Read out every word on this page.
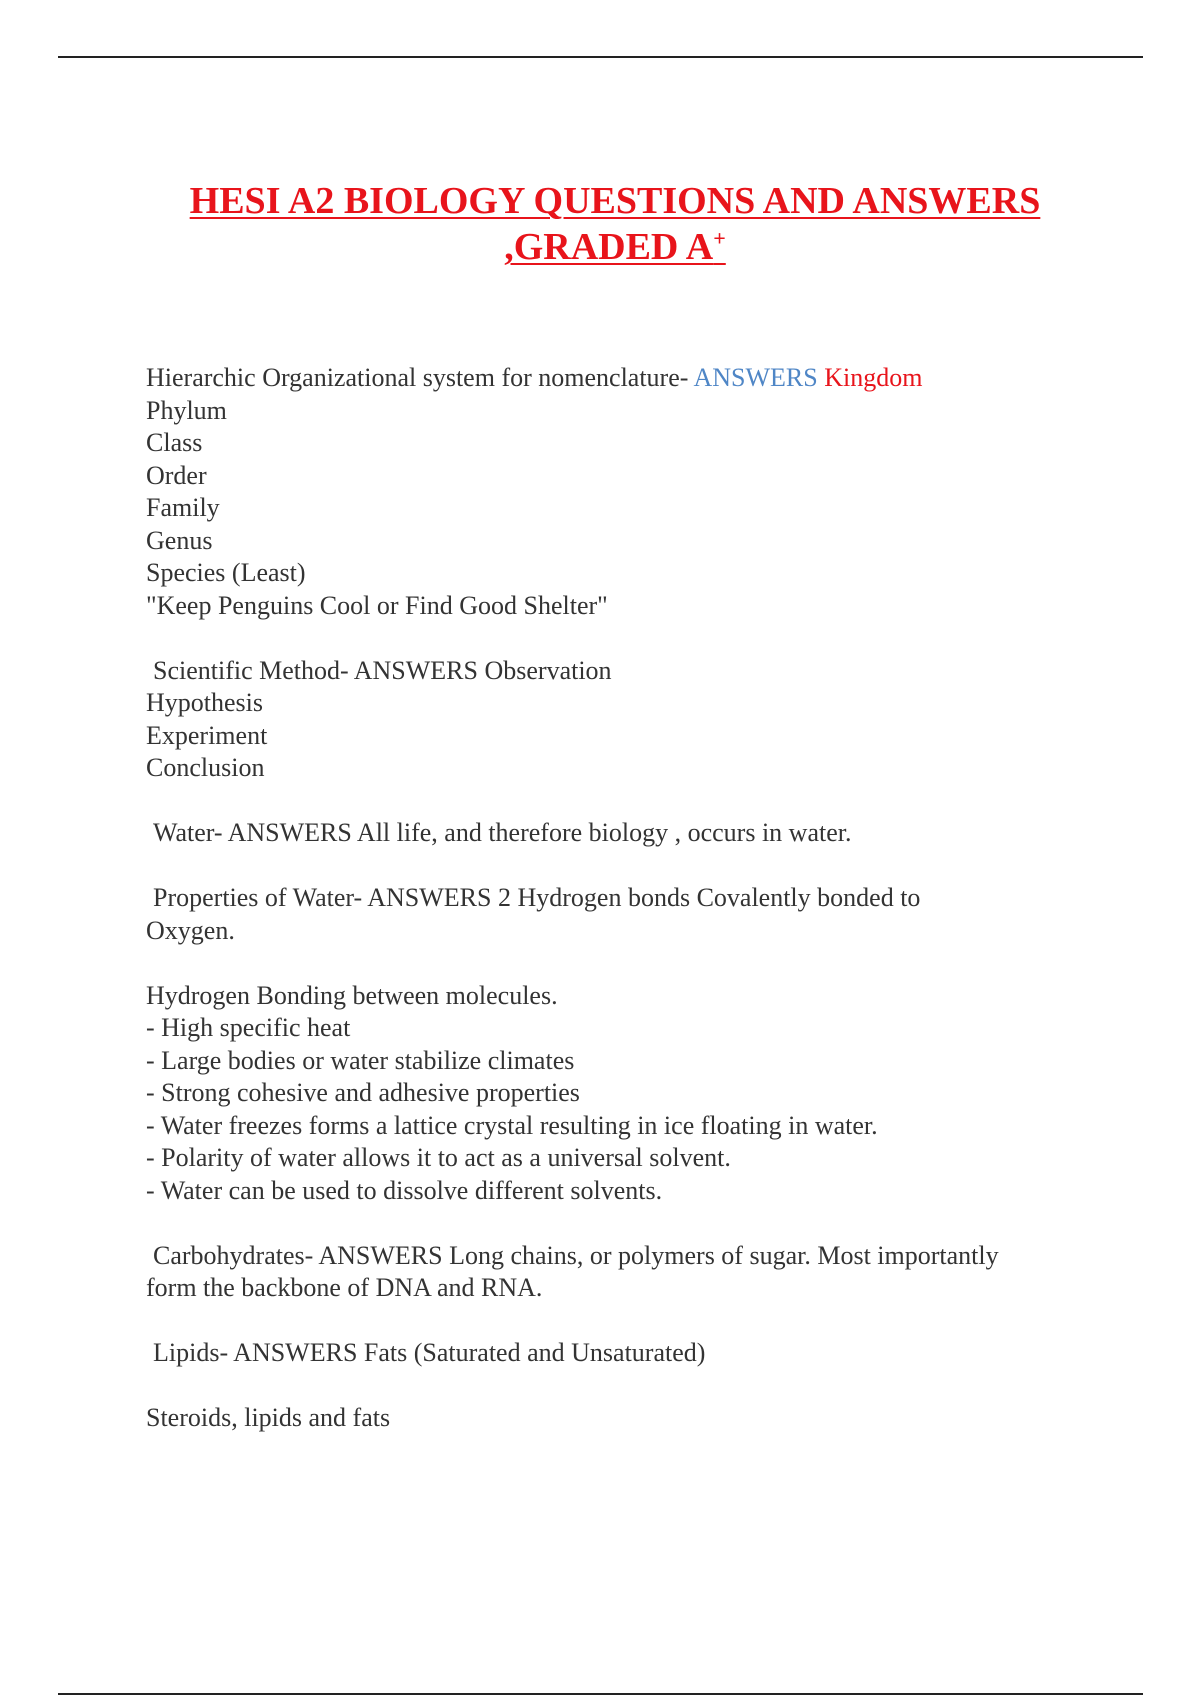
HESI A2 BIOLOGY QUESTIONS AND ANSWERS
,GRADED A+
Hierarchic Organizational system for nomenclature- ANSWERS Kingdom
Phylum
Class
Order
Family
Genus
Species (Least)
"Keep Penguins Cool or Find Good Shelter"
Scientific Method- ANSWERS Observation
Hypothesis
Experiment
Conclusion
Water- ANSWERS All life, and therefore biology , occurs in water.
Properties of Water- ANSWERS 2 Hydrogen bonds Covalently bonded to
Oxygen.
Hydrogen Bonding between molecules.
- High specific heat
- Large bodies or water stabilize climates
- Strong cohesive and adhesive properties
- Water freezes forms a lattice crystal resulting in ice floating in water.
- Polarity of water allows it to act as a universal solvent.
- Water can be used to dissolve different solvents.
Carbohydrates- ANSWERS Long chains, or polymers of sugar. Most importantly
form the backbone of DNA and RNA.
Lipids- ANSWERS Fats (Saturated and Unsaturated)
Steroids, lipids and fats
